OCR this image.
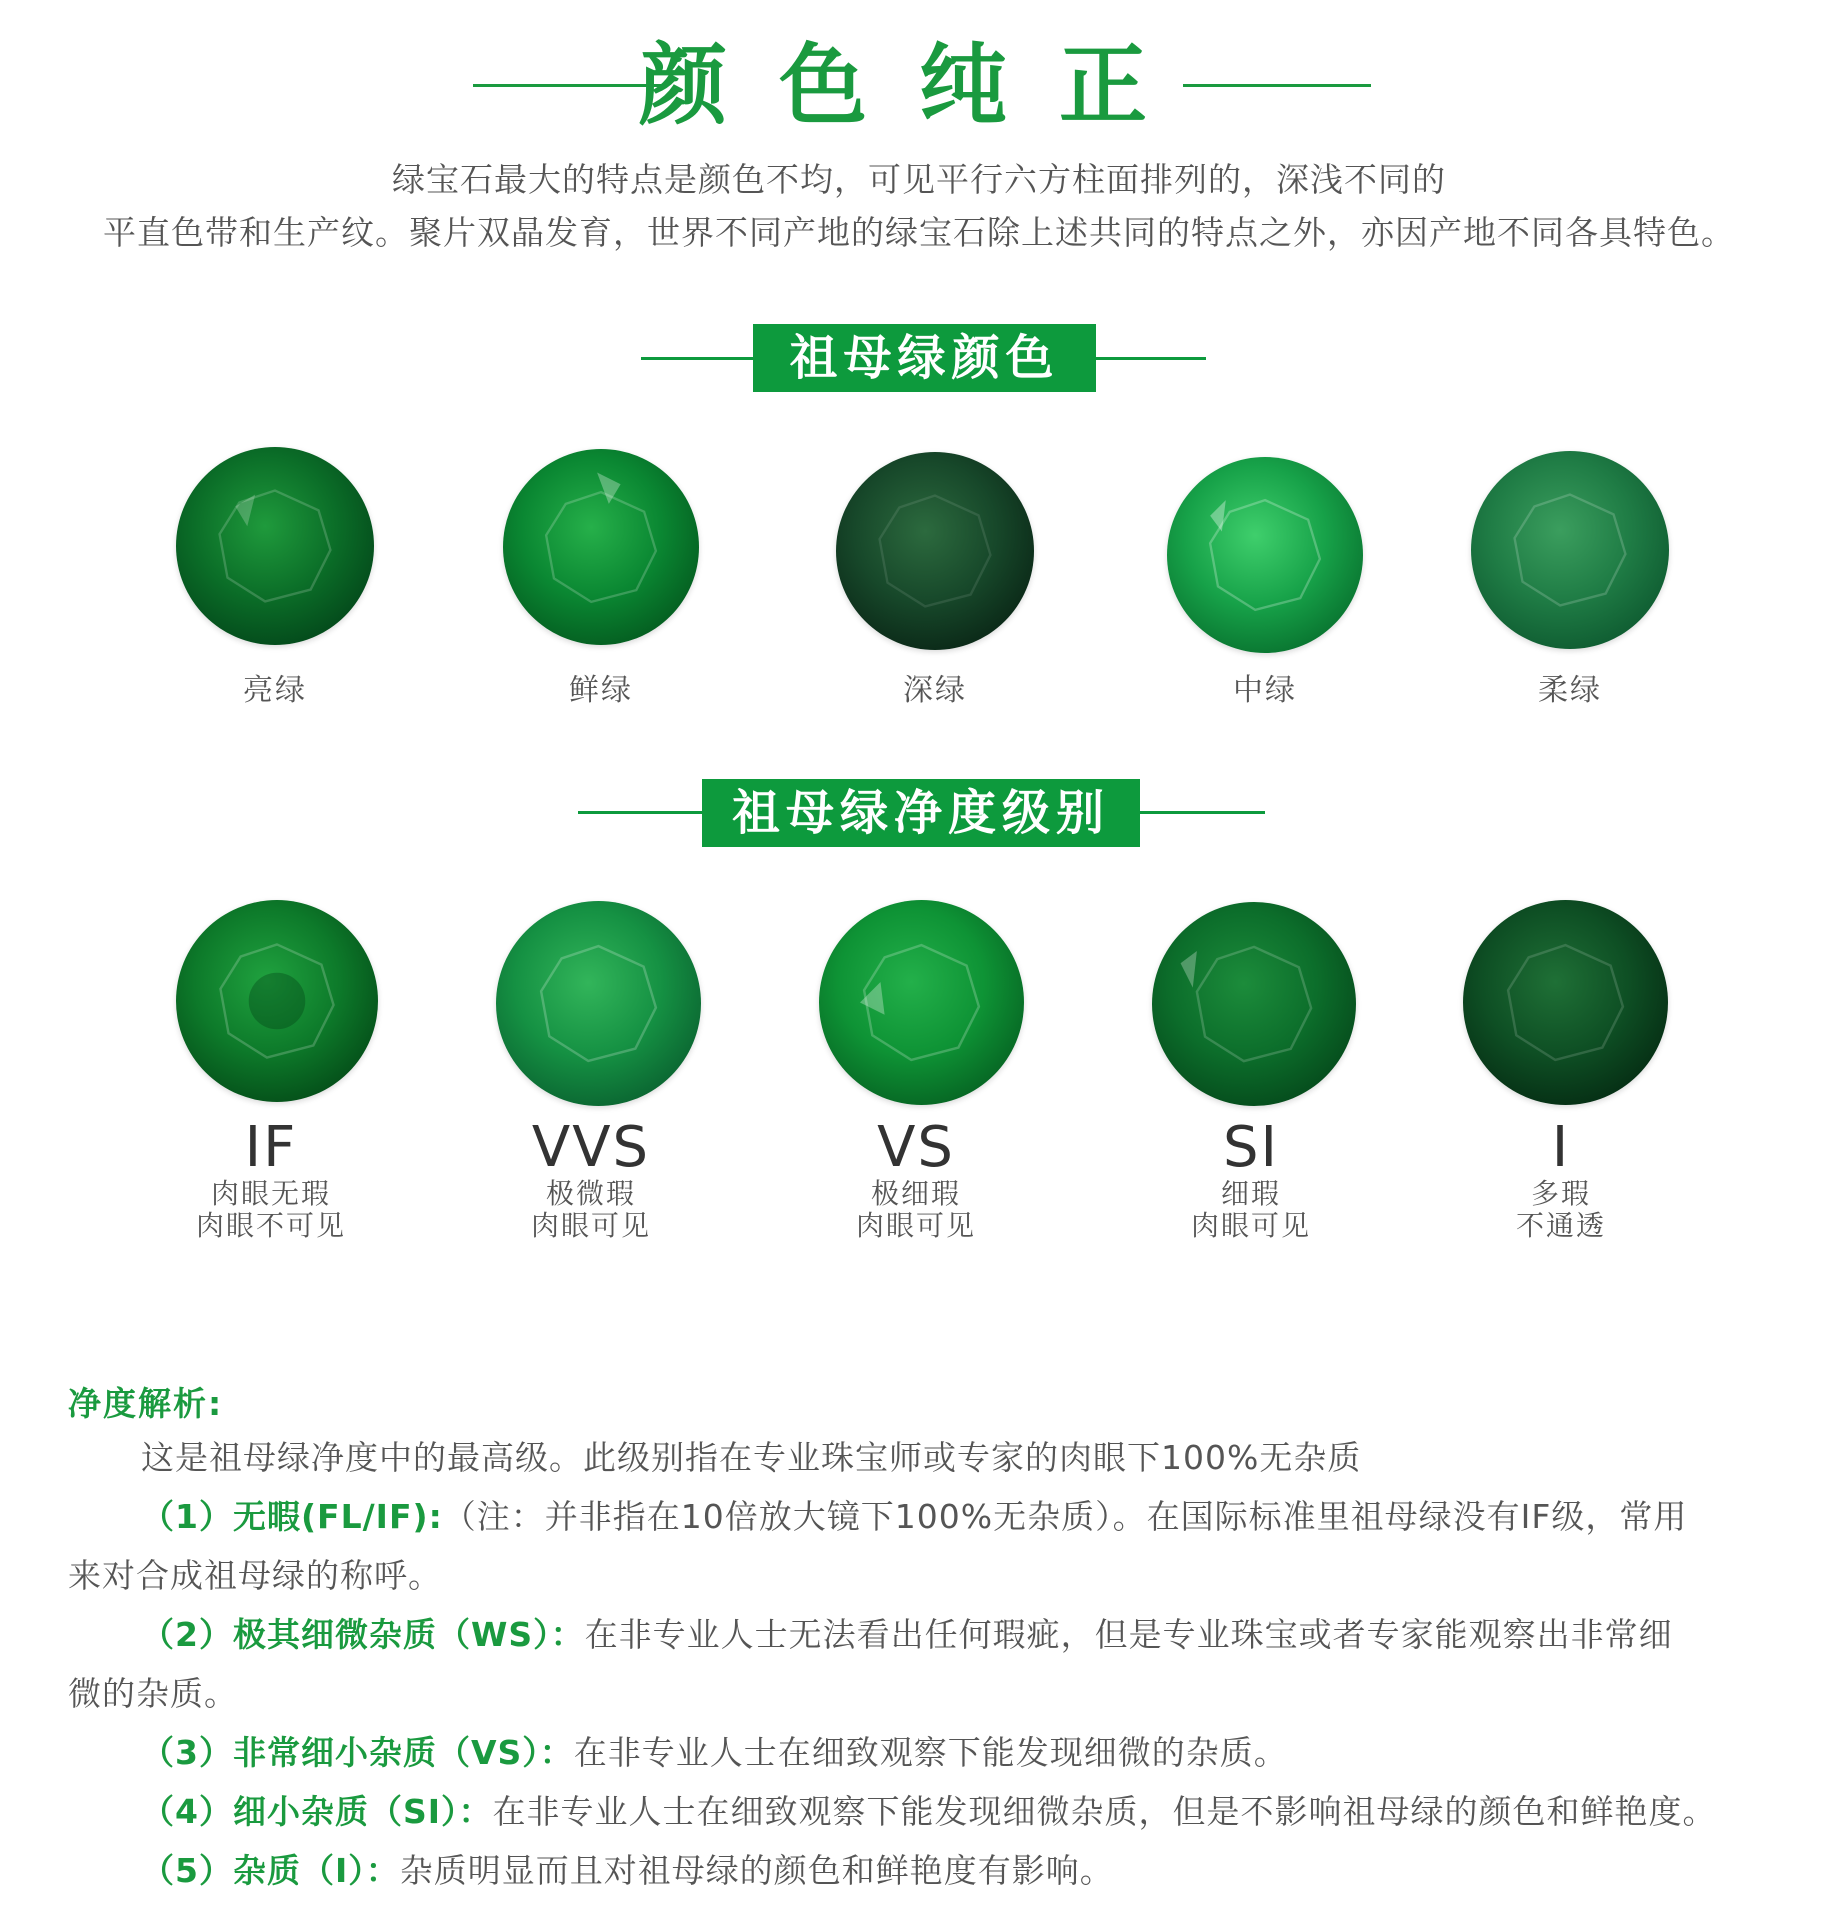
颜色纯正
绿宝石最大的特点是颜色不均，可见平行六方柱面排列的，深浅不同的
平直色带和生产纹。聚片双晶发育，世界不同产地的绿宝石除上述共同的特点之外，亦因产地不同各具特色。
祖母绿颜色
亮绿	鲜绿	深绿	中绿	柔绿
祖母绿净度级别
IF
肉眼无瑕
肉眼不可见
VVS
极微瑕
肉眼可见
VS
极细瑕
肉眼可见
SI
细瑕
肉眼可见
I
多瑕
不通透
净度解析:
这是祖母绿净度中的最高级。此级别指在专业珠宝师或专家的肉眼下100%无杂质
（1）无暇(FL/IF):（注：并非指在10倍放大镜下100%无杂质）。在国际标准里祖母绿没有IF级，常用
来对合成祖母绿的称呼。
（2）极其细微杂质（WS）：在非专业人士无法看出任何瑕疵，但是专业珠宝或者专家能观察出非常细
微的杂质。
（3）非常细小杂质（VS）：在非专业人士在细致观察下能发现细微的杂质。
（4）细小杂质（SI）：在非专业人士在细致观察下能发现细微杂质，但是不影响祖母绿的颜色和鲜艳度。
（5）杂质（I）：杂质明显而且对祖母绿的颜色和鲜艳度有影响。
